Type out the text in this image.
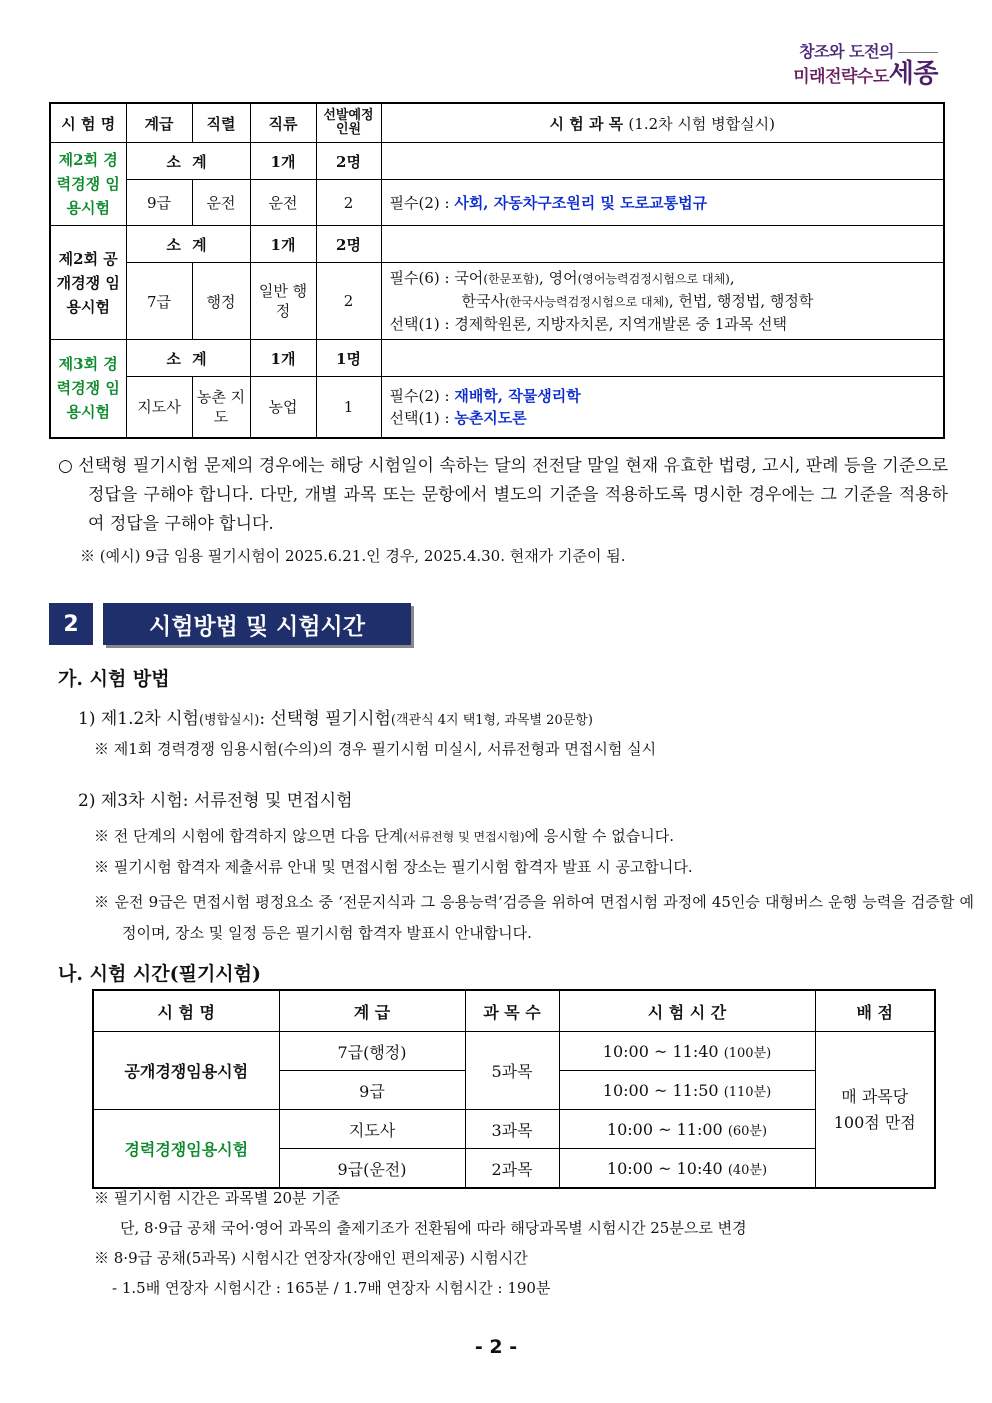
창조와 도전의
미래전략수도세종
시 험 명	계급	직렬	직류	선발예정 인원	시 험 과 목 (1.2차 시험 병합실시)
제2회 경력경쟁 임용시험	소 계		1개	2명	
	9급	운전	운전	2	필수(2) : 사회, 자동차구조원리 및 도로교통법규
제2회 공개경쟁 임용시험	소 계		1개	2명	
	7급	행정	일반 행정	2	필수(6) : 국어(한문포함), 영어(영어능력검정시험으로 대체),
한국사(한국사능력검정시험으로 대체), 헌법, 행정법, 행정학
선택(1) : 경제학원론, 지방자치론, 지역개발론 중 1과목 선택

제3회 경력경쟁 임용시험	소 계		1개	1명	
	지도사	농촌 지도	농업	1	필수(2) : 재배학, 작물생리학
선택(1) : 농촌지도론
○ 선택형 필기시험 문제의 경우에는 해당 시험일이 속하는 달의 전전달 말일 현재 유효한 법령, 고시, 판례 등을 기준으로 정답을 구해야 합니다. 다만, 개별 과목 또는 문항에서 별도의 기준을 적용하도록 명시한 경우에는 그 기준을 적용하여 정답을 구해야 합니다.
※ (예시) 9급 임용 필기시험이 2025.6.21.인 경우, 2025.4.30. 현재가 기준이 됨.
2	시험방법 및 시험시간
가. 시험 방법
1) 제1.2차 시험(병합실시): 선택형 필기시험(객관식 4지 택1형, 과목별 20문항)
※ 제1회 경력경쟁 임용시험(수의)의 경우 필기시험 미실시, 서류전형과 면접시험 실시
2) 제3차 시험: 서류전형 및 면접시험
※ 전 단계의 시험에 합격하지 않으면 다음 단계(서류전형 및 면접시험)에 응시할 수 없습니다.
※ 필기시험 합격자 제출서류 안내 및 면접시험 장소는 필기시험 합격자 발표 시 공고합니다.
※ 운전 9급은 면접시험 평정요소 중 ‘전문지식과 그 응용능력’검증을 위하여 면접시험 과정에 45인승 대형버스 운행 능력을 검증할 예정이며, 장소 및 일정 등은 필기시험 합격자 발표시 안내합니다.
나. 시험 시간(필기시험)
시 험 명	계 급	과 목 수	시 험 시 간	배 점
공개경쟁임용시험	7급(행정)	5과목	10:00 ~ 11:40 (100분)	매 과목당 100점 만점
	9급		10:00 ~ 11:50 (110분)	
경력경쟁임용시험	지도사	3과목	10:00 ~ 11:00 (60분)	
	9급(운전)	2과목	10:00 ~ 10:40 (40분)	
※ 필기시험 시간은 과목별 20분 기준
단, 8·9급 공채 국어·영어 과목의 출제기조가 전환됨에 따라 해당과목별 시험시간 25분으로 변경
※ 8·9급 공채(5과목) 시험시간 연장자(장애인 편의제공) 시험시간
- 1.5배 연장자 시험시간 : 165분 / 1.7배 연장자 시험시간 : 190분
- 2 -
